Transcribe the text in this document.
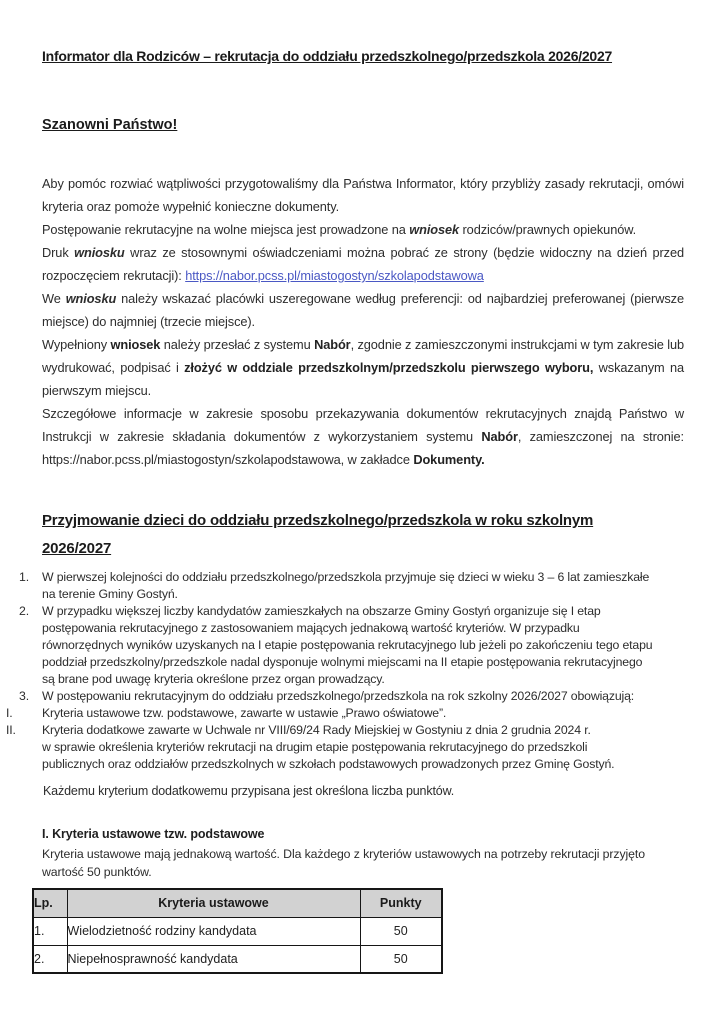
Informator dla Rodziców – rekrutacja do oddziału przedszkolnego/przedszkola 2026/2027
Szanowni Państwo!

Aby pomóc rozwiać wątpliwości przygotowaliśmy dla Państwa Informator, który przybliży zasady rekrutacji, omówi kryteria oraz pomoże wypełnić konieczne dokumenty.

Postępowanie rekrutacyjne na wolne miejsca jest prowadzone na wniosek rodziców/prawnych opiekunów.

Druk wniosku wraz ze stosownymi oświadczeniami można pobrać ze strony (będzie widoczny na dzień przed rozpoczęciem rekrutacji): https://nabor.pcss.pl/miastogostyn/szkolapodstawowa

We wniosku należy wskazać placówki uszeregowane według preferencji: od najbardziej preferowanej (pierwsze miejsce) do najmniej (trzecie miejsce).

Wypełniony wniosek należy przesłać z systemu Nabór, zgodnie z zamieszczonymi instrukcjami w tym zakresie lub wydrukować, podpisać i złożyć w oddziale przedszkolnym/przedszkolu pierwszego wyboru, wskazanym na pierwszym miejscu.

Szczegółowe informacje w zakresie sposobu przekazywania dokumentów rekrutacyjnych znajdą Państwo w Instrukcji w zakresie składania dokumentów z wykorzystaniem systemu Nabór, zamieszczonej na stronie: https://nabor.pcss.pl/miastogostyn/szkolapodstawowa, w zakładce Dokumenty.

Przyjmowanie dzieci do oddziału przedszkolnego/przedszkola w roku szkolnym
2026/2027
1.	W pierwszej kolejności do oddziału przedszkolnego/przedszkola przyjmuje się dzieci w wieku 3 – 6 lat zamieszkałe
na terenie Gminy Gostyń.
2.	W przypadku większej liczby kandydatów zamieszkałych na obszarze Gminy Gostyń organizuje się I etap
postępowania rekrutacyjnego z zastosowaniem mających jednakową wartość kryteriów. W przypadku
równorzędnych wyników uzyskanych na I etapie postępowania rekrutacyjnego lub jeżeli po zakończeniu tego etapu
poddział przedszkolny/przedszkole nadal dysponuje wolnymi miejscami na II etapie postępowania rekrutacyjnego
są brane pod uwagę kryteria określone przez organ prowadzący.
3.	W postępowaniu rekrutacyjnym do oddziału przedszkolnego/przedszkola na rok szkolny 2026/2027 obowiązują:
I.	Kryteria ustawowe tzw. podstawowe, zawarte w ustawie „Prawo oświatowe”.
II.	Kryteria dodatkowe zawarte w Uchwale nr VIII/69/24 Rady Miejskiej w Gostyniu z dnia 2 grudnia 2024 r.
w sprawie określenia kryteriów rekrutacji na drugim etapie postępowania rekrutacyjnego do przedszkoli
publicznych oraz oddziałów przedszkolnych w szkołach podstawowych prowadzonych przez Gminę Gostyń.

Każdemu kryterium dodatkowemu przypisana jest określona liczba punktów.

I. Kryteria ustawowe tzw. podstawowe

Kryteria ustawowe mają jednakową wartość. Dla każdego z kryteriów ustawowych na potrzeby rekrutacji przyjęto
wartość 50 punktów.

Lp.	Kryteria ustawowe	Punkty
1.	Wielodzietność rodziny kandydata	50
2.	Niepełnosprawność kandydata	50
